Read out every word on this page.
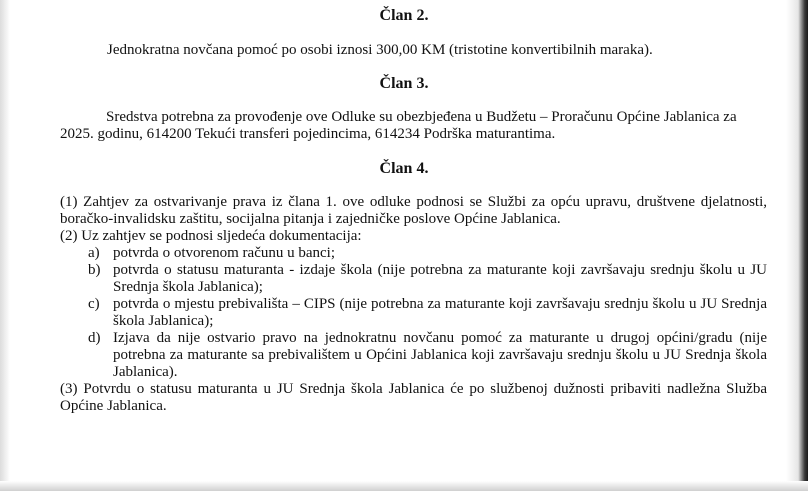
Član 2.
Jednokratna novčana pomoć po osobi iznosi 300,00 KM (tristotine konvertibilnih maraka).
Član 3.
Sredstva potrebna za provođenje ove Odluke su obezbjeđena u Budžetu – Proračunu Općine Jablanica za
2025. godinu, 614200 Tekući transferi pojedincima, 614234 Podrška maturantima.
Član 4.
(1) Zahtjev za ostvarivanje prava iz člana 1. ove odluke podnosi se Službi za opću upravu, društvene djelatnosti,
boračko-invalidsku zaštitu, socijalna pitanja i zajedničke poslove Općine Jablanica.
(2) Uz zahtjev se podnosi sljedeća dokumentacija:
a) potvrda o otvorenom računu u banci;
b) potvrda o statusu maturanta - izdaje škola (nije potrebna za maturante koji završavaju srednju školu u JU
Srednja škola Jablanica);
c) potvrda o mjestu prebivališta – CIPS (nije potrebna za maturante koji završavaju srednju školu u JU Srednja
škola Jablanica);
d) Izjava da nije ostvario pravo na jednokratnu novčanu pomoć za maturante u drugoj općini/gradu (nije
potrebna za maturante sa prebivalištem u Općini Jablanica koji završavaju srednju školu u JU Srednja škola
Jablanica).
(3) Potvrdu o statusu maturanta u JU Srednja škola Jablanica će po službenoj dužnosti pribaviti nadležna Služba
Općine Jablanica.
